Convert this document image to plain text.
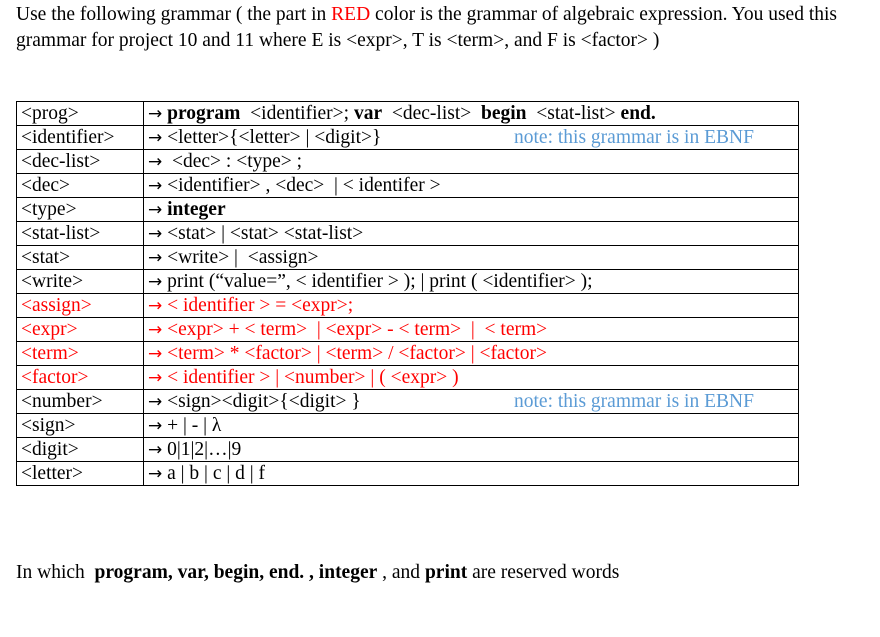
Use the following grammar ( the part in RED color is the grammar of algebraic expression. You used this grammar for project 10 and 11 where E is <expr>, T is <term>, and F is <factor> )
<prog>	→ program  <identifier>; var  <dec-list>  begin  <stat-list> end.
<identifier>	→ <letter>{<letter> | <digit>} note: this grammar is in EBNF

<dec-list>	→  <dec> : <type> ;
<dec>	→ <identifier> , <dec>  | < identifer >
<type>	→ integer
<stat-list>	→ <stat> | <stat> <stat-list>
<stat>	→ <write> |  <assign>
<write>	→ print (“value=”, < identifier > ); | print ( <identifier> );
<assign>	→ < identifier > = <expr>;
<expr>	→ <expr> + < term>  | <expr> - < term>  |  < term>
<term>	→ <term> * <factor> | <term> / <factor> | <factor>
<factor>	→ < identifier > | <number> | ( <expr> )
<number>	→ <sign><digit>{<digit> } note: this grammar is in EBNF

<sign>	→ + | - | λ
<digit>	→ 0|1|2|…|9
<letter>	→ a | b | c | d | f
In which  program, var, begin, end. , integer , and print are reserved words
